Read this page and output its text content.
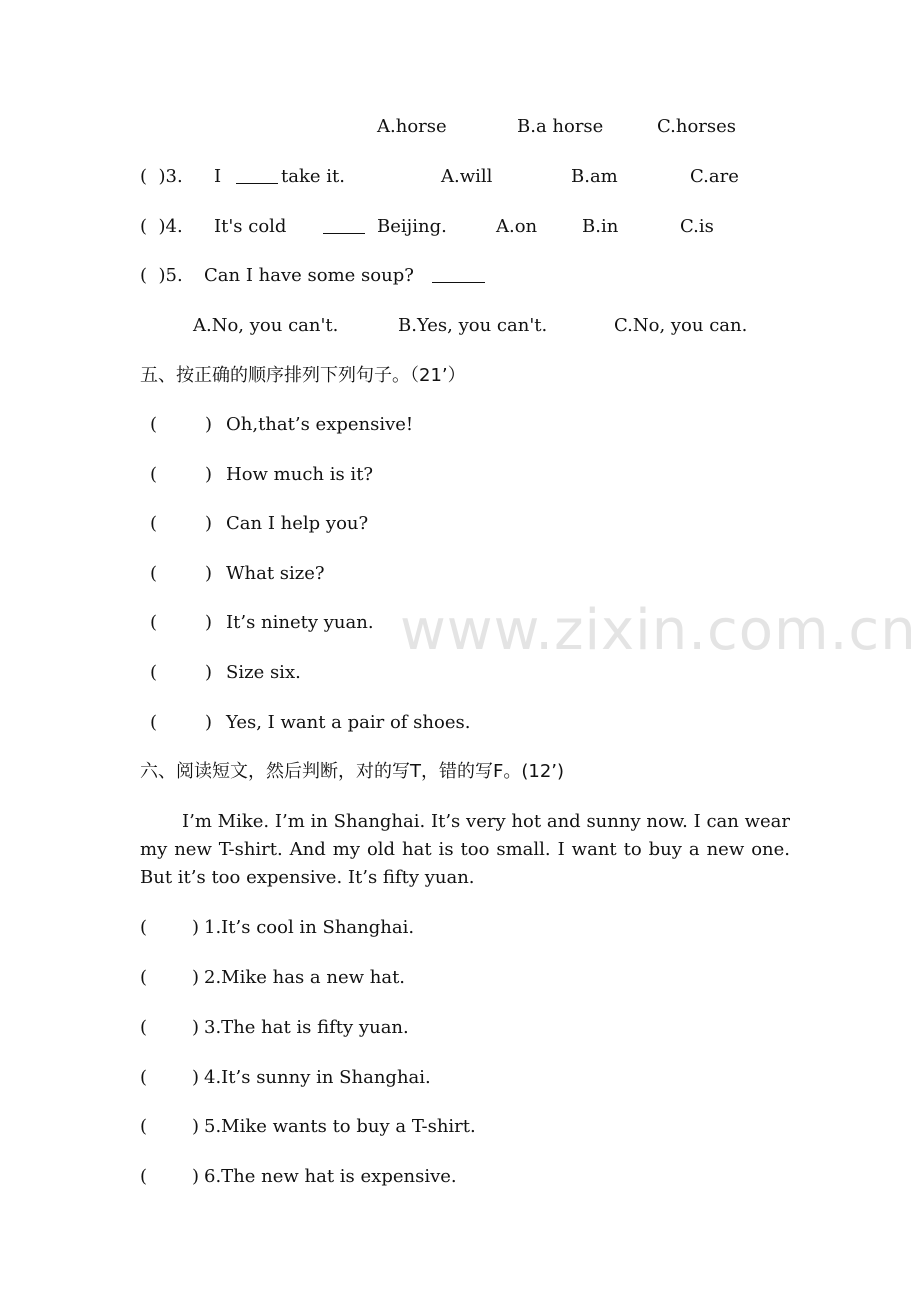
www.zixin.com.cn
A.horse	B.a horse	C.horses
(  )3. I	take it.	A.will	B.am	C.are
(  )4. It's cold	Beijing.	A.on B.in	C.is
(  )5. Can I have some soup?
A.No, you can't.	B.Yes, you can't.	C.No, you can.
五、按正确的顺序排列下列句子。（21’）
(	) Oh,that’s expensive!
(	) How much is it?
(	) Can I help you?
(	) What size?
(	) It’s ninety yuan.
(	) Size six.
(	) Yes, I want a pair of shoes.
六、阅读短文，然后判断，对的写T，错的写F。(12’)
I’m Mike. I’m in Shanghai. It’s very hot and sunny now. I can wear my new T-shirt. And my old hat is too small. I want to buy a new one. But it’s too expensive. It’s fifty yuan.
( ) 1.It’s cool in Shanghai.
( ) 2.Mike has a new hat.
( ) 3.The hat is fifty yuan.
( ) 4.It’s sunny in Shanghai.
( ) 5.Mike wants to buy a T-shirt.
( ) 6.The new hat is expensive.
